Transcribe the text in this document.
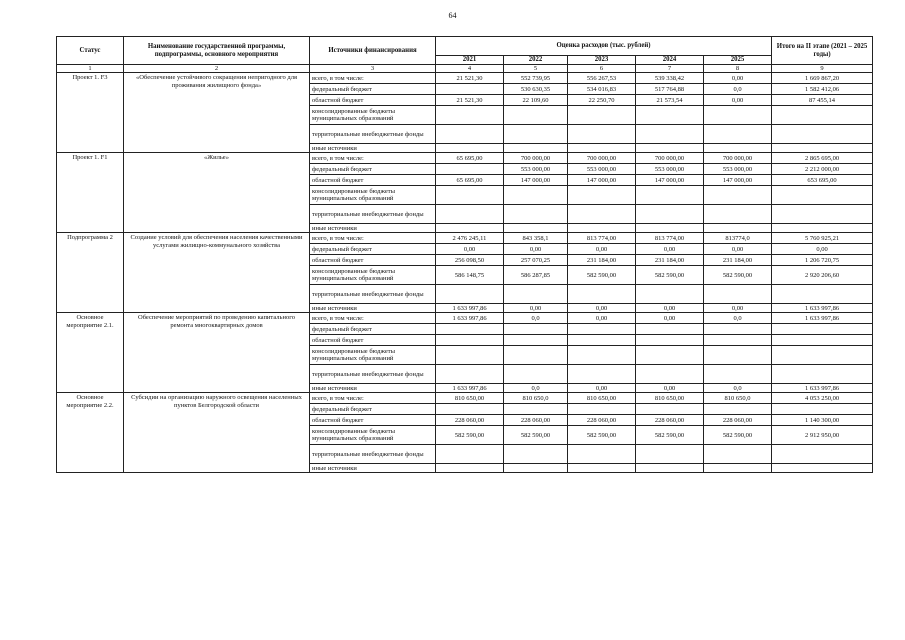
64
Статус	Наименование государственной программы, подпрограммы, основного мероприятия	Источники финансирования	Оценка расходов (тыс. рублей)					Итого на II этапе (2021 – 2025 годы)
			2021	2022	2023	2024	2025	
1	2	3	4	5	6	7	8	9
Проект 1. F3	«Обеспечение устойчивого сокращения непригодного для проживания жилищного фонда»	всего, в том числе:	21 521,30	552 739,95	556 267,53	539 338,42	0,00	1 669 867,20
		федеральный бюджет		530 630,35	534 016,83	517 764,88	0,0	1 582 412,06
		областной бюджет	21 521,30	22 109,60	22 250,70	21 573,54	0,00	87 455,14
		консолидированные бюджеты муниципальных образований						
		территориальные внебюджетные фонды						
		иные источники						
Проект 1. F1	«Жилье»	всего, в том числе:	65 695,00	700 000,00	700 000,00	700 000,00	700 000,00	2 865 695,00
		федеральный бюджет		553 000,00	553 000,00	553 000,00	553 000,00	2 212 000,00
		областной бюджет	65 695,00	147 000,00	147 000,00	147 000,00	147 000,00	653 695,00
		консолидированные бюджеты муниципальных образований						
		территориальные внебюджетные фонды						
		иные источники						
Подпрограмма 2	Создание условий для обеспечения населения качественными услугами жилищно-коммунального хозяйства	всего, в том числе:	2 476 245,11	843 358,1	813 774,00	813 774,00	813774,0	5 760 925,21
		федеральный бюджет	0,00	0,00	0,00	0,00	0,00	0,00
		областной бюджет	256 098,50	257 070,25	231 184,00	231 184,00	231 184,00	1 206 720,75
		консолидированные бюджеты муниципальных образований	586 148,75	586 287,85	582 590,00	582 590,00	582 590,00	2 920 206,60
		территориальные внебюджетные фонды						
		иные источники	1 633 997,86	0,00	0,00	0,00	0,00	1 633 997,86
Основное мероприятие 2.1.	Обеспечение мероприятий по проведению капитального ремонта многоквартирных домов	всего, в том числе:	1 633 997,86	0,0	0,00	0,00	0,0	1 633 997,86
		федеральный бюджет						
		областной бюджет						
		консолидированные бюджеты муниципальных образований						
		территориальные внебюджетные фонды						
		иные источники	1 633 997,86	0,0	0,00	0,00	0,0	1 633 997,86
Основное мероприятие 2.2.	Субсидии на организацию наружного освещения населенных пунктов Белгородской области	всего, в том числе:	810 650,00	810 650,0	810 650,00	810 650,00	810 650,0	4 053 250,00
		федеральный бюджет						
		областной бюджет	228 060,00	228 060,00	228 060,00	228 060,00	228 060,00	1 140 300,00
		консолидированные бюджеты муниципальных образований	582 590,00	582 590,00	582 590,00	582 590,00	582 590,00	2 912 950,00
		территориальные внебюджетные фонды						
		иные источники						
